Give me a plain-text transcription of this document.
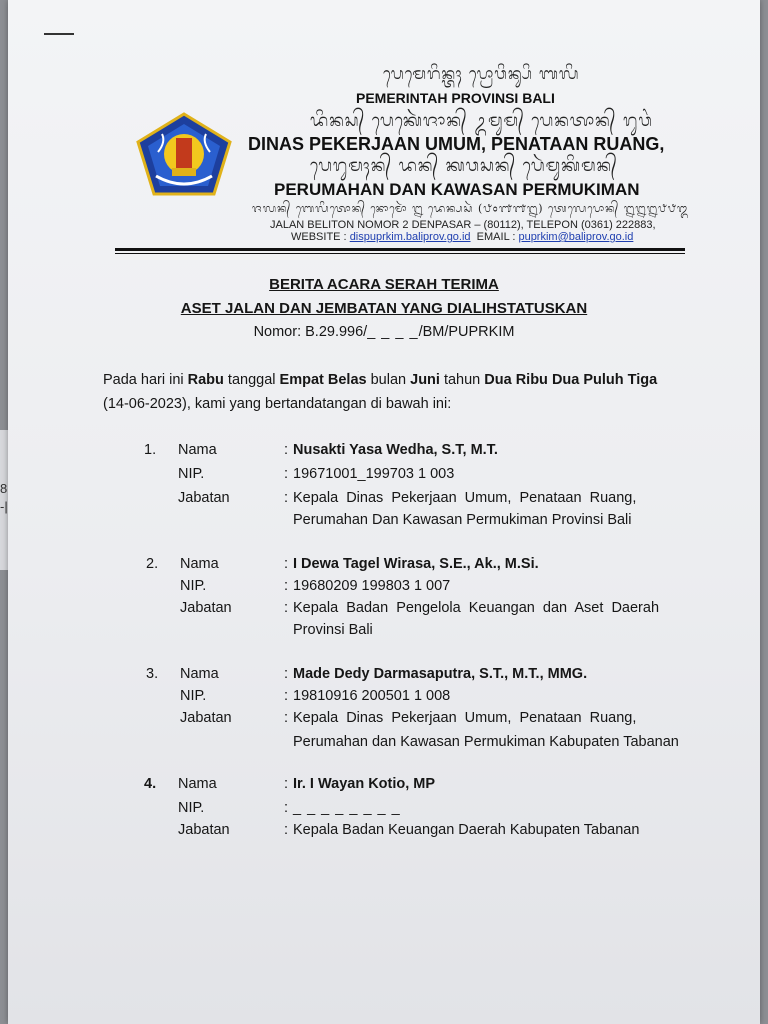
8
-|
ᬧᬾᬫᬾᬭᬶᬦ᭄ᬢᬄ ᬧ᭄ᬭᭀᬯᬶᬦ᭄ᬲᬶ ᬩᬮᬶ
PEMERINTAH PROVINSI BALI
ᬤᬶᬦᬲ᭄ ᬧᬾᬓᬾᬃᬚᬵᬦ᭄ ᬉᬫᬸᬫ᭄ ᬧᬾᬦᬢᬵᬦ᭄ ᬭᬸᬯᬂ
DINAS PEKERJAAN UMUM, PENATAAN RUANG,
ᬧᬾᬭᬸᬫᬄᬦ᭄ ᬤᬦ᭄ ᬓᬯᬲᬦ᭄ ᬧᬾᬃᬫᬸᬓᬶᬫᬦ᭄
PERUMAHAN DAN KAWASAN PERMUKIMAN
ᬚᬮᬦ᭄ ᬩᬾᬮᬶᬢᭀᬦ᭄ ᬦᭀᬫᭀᬃ ᭒ ᬤᬾᬦ᭄ᬧᬲᬃ (᭘᭐᭑᭑᭒) ᬢᬾᬮᬾᬧᭀᬦ᭄ ᭒᭒᭒᭘᭘᭓
JALAN BELITON NOMOR 2 DENPASAR – (80112), TELEPON (0361) 222883,
WEBSITE : dispuprkim.baliprov.go.id EMAIL : puprkim@baliprov.go.id
BERITA ACARA SERAH TERIMA
ASET JALAN DAN JEMBATAN YANG DIALIHSTATUSKAN
Nomor: B.29.996/_ _ _ _/BM/PUPRKIM
Pada hari ini Rabu tanggal Empat Belas bulan Juni tahun Dua Ribu Dua Puluh Tiga
(14-06-2023), kami yang bertandatangan di bawah ini:
1. Nama	: Nusakti Yasa Wedha, S.T, M.T.
NIP.	: 19671001_199703 1 003
Jabatan	: Kepala  Dinas  Pekerjaan  Umum,  Penataan  Ruang,
Perumahan Dan Kawasan Permukiman Provinsi Bali
2. Nama	: I Dewa Tagel Wirasa, S.E., Ak., M.Si.
NIP.	: 19680209 199803 1 007
Jabatan	: Kepala  Badan  Pengelola  Keuangan  dan  Aset  Daerah
Provinsi Bali
3. Nama	: Made Dedy Darmasaputra, S.T., M.T., MMG.
NIP.	: 19810916 200501 1 008
Jabatan	: Kepala  Dinas  Pekerjaan  Umum,  Penataan  Ruang,
Perumahan dan Kawasan Permukiman Kabupaten Tabanan
4. Nama	: Ir. I Wayan Kotio, MP
NIP.	: _ _ _ _ _ _ _ _
Jabatan	: Kepala Badan Keuangan Daerah Kabupaten Tabanan
